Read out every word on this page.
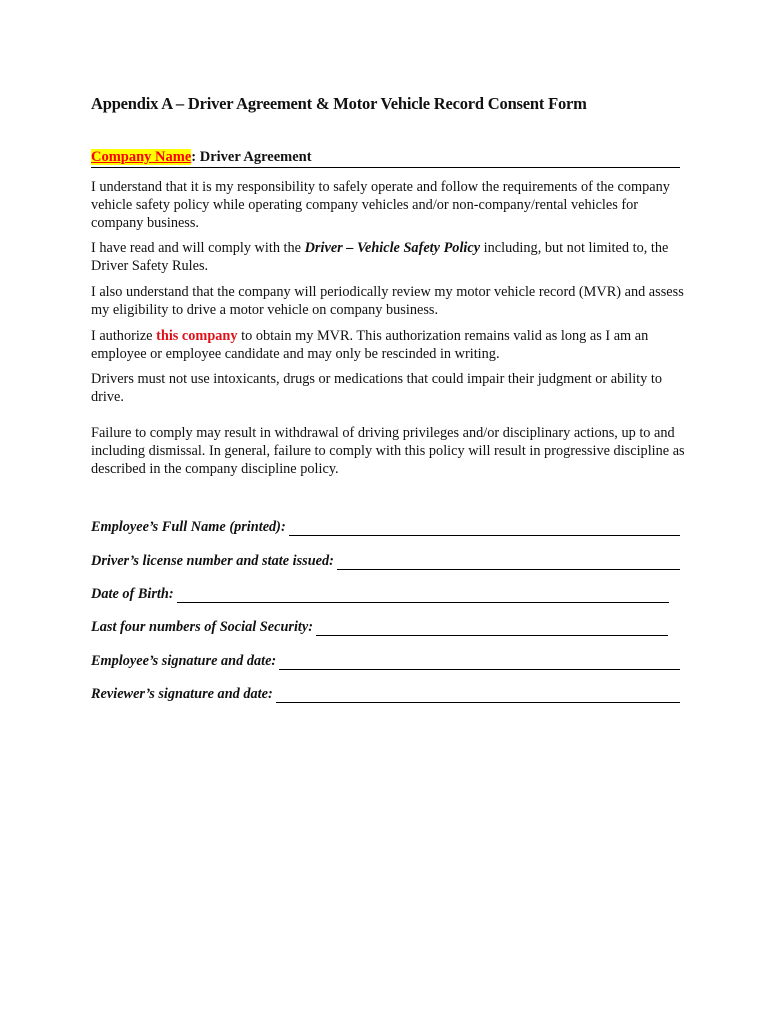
Appendix A – Driver Agreement & Motor Vehicle Record Consent Form
Company Name: Driver Agreement
I understand that it is my responsibility to safely operate and follow the requirements of the company vehicle safety policy while operating company vehicles and/or non-company/rental vehicles for company business.
I have read and will comply with the Driver – Vehicle Safety Policy including, but not limited to, the Driver Safety Rules.
I also understand that the company will periodically review my motor vehicle record (MVR) and assess my eligibility to drive a motor vehicle on company business.
I authorize this company to obtain my MVR. This authorization remains valid as long as I am an employee or employee candidate and may only be rescinded in writing.
Drivers must not use intoxicants, drugs or medications that could impair their judgment or ability to drive.
Failure to comply may result in withdrawal of driving privileges and/or disciplinary actions, up to and including dismissal. In general, failure to comply with this policy will result in progressive discipline as described in the company discipline policy.
Employee’s Full Name (printed):
Driver’s license number and state issued:
Date of Birth:
Last four numbers of Social Security:
Employee’s signature and date:
Reviewer’s signature and date:
